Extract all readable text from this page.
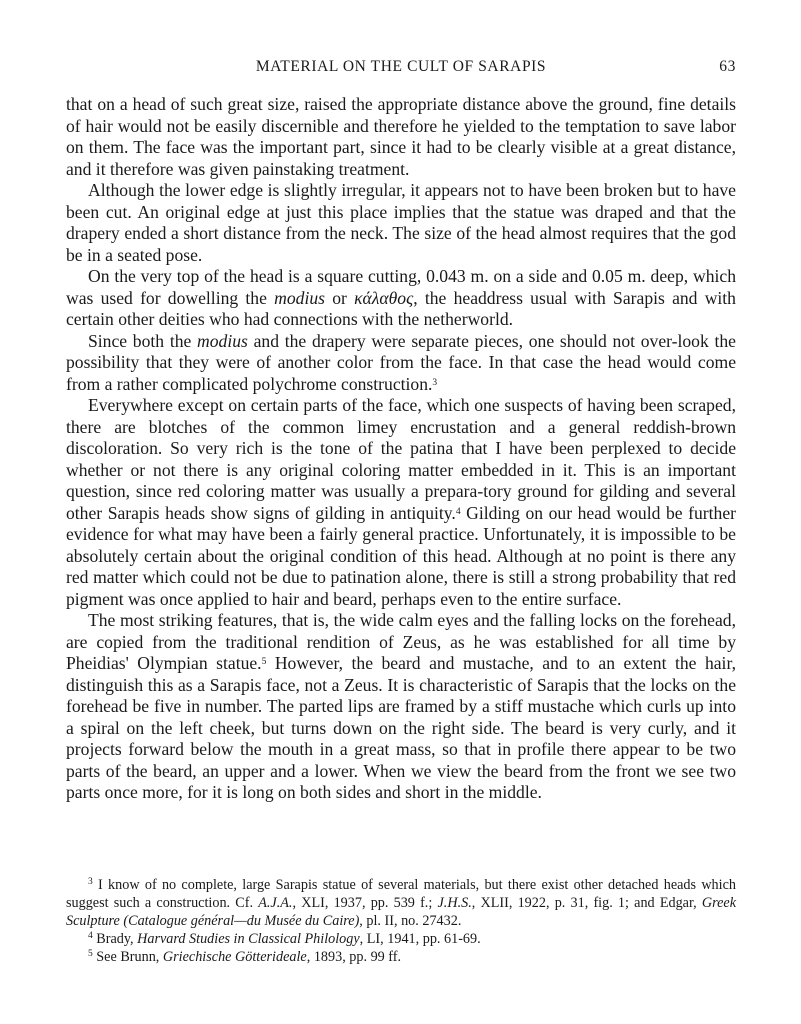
MATERIAL ON THE CULT OF SARAPIS	63

that on a head of such great size, raised the appropriate distance above the ground, fine details of hair would not be easily discernible and therefore he yielded to the temptation to save labor on them. The face was the important part, since it had to be clearly visible at a great distance, and it therefore was given painstaking treatment.

Although the lower edge is slightly irregular, it appears not to have been broken but to have been cut. An original edge at just this place implies that the statue was draped and that the drapery ended a short distance from the neck. The size of the head almost requires that the god be in a seated pose.

On the very top of the head is a square cutting, 0.043 m. on a side and 0.05 m. deep, which was used for dowelling the modius or κάλαθος, the headdress usual with Sarapis and with certain other deities who had connections with the netherworld.

Since both the modius and the drapery were separate pieces, one should not over-look the possibility that they were of another color from the face. In that case the head would come from a rather complicated polychrome construction.$^3$

Everywhere except on certain parts of the face, which one suspects of having been scraped, there are blotches of the common limey encrustation and a general reddish-brown discoloration. So very rich is the tone of the patina that I have been perplexed to decide whether or not there is any original coloring matter embedded in it. This is an important question, since red coloring matter was usually a prepara-tory ground for gilding and several other Sarapis heads show signs of gilding in antiquity.$^4$ Gilding on our head would be further evidence for what may have been a fairly general practice. Unfortunately, it is impossible to be absolutely certain about the original condition of this head. Although at no point is there any red matter which could not be due to patination alone, there is still a strong probability that red pigment was once applied to hair and beard, perhaps even to the entire surface.

The most striking features, that is, the wide calm eyes and the falling locks on the forehead, are copied from the traditional rendition of Zeus, as he was established for all time by Pheidias' Olympian statue.$^5$ However, the beard and mustache, and to an extent the hair, distinguish this as a Sarapis face, not a Zeus. It is characteristic of Sarapis that the locks on the forehead be five in number. The parted lips are framed by a stiff mustache which curls up into a spiral on the left cheek, but turns down on the right side. The beard is very curly, and it projects forward below the mouth in a great mass, so that in profile there appear to be two parts of the beard, an upper and a lower. When we view the beard from the front we see two parts once more, for it is long on both sides and short in the middle.

$^3$ I know of no complete, large Sarapis statue of several materials, but there exist other detached heads which suggest such a construction. Cf. A.J.A., XLI, 1937, pp. 539 f.; J.H.S., XLII, 1922, p. 31, fig. 1; and Edgar, Greek Sculpture (Catalogue général—du Musée du Caire), pl. II, no. 27432.

$^4$ Brady, Harvard Studies in Classical Philology, LI, 1941, pp. 61-69.

$^5$ See Brunn, Griechische Götterideale, 1893, pp. 99 ff.
